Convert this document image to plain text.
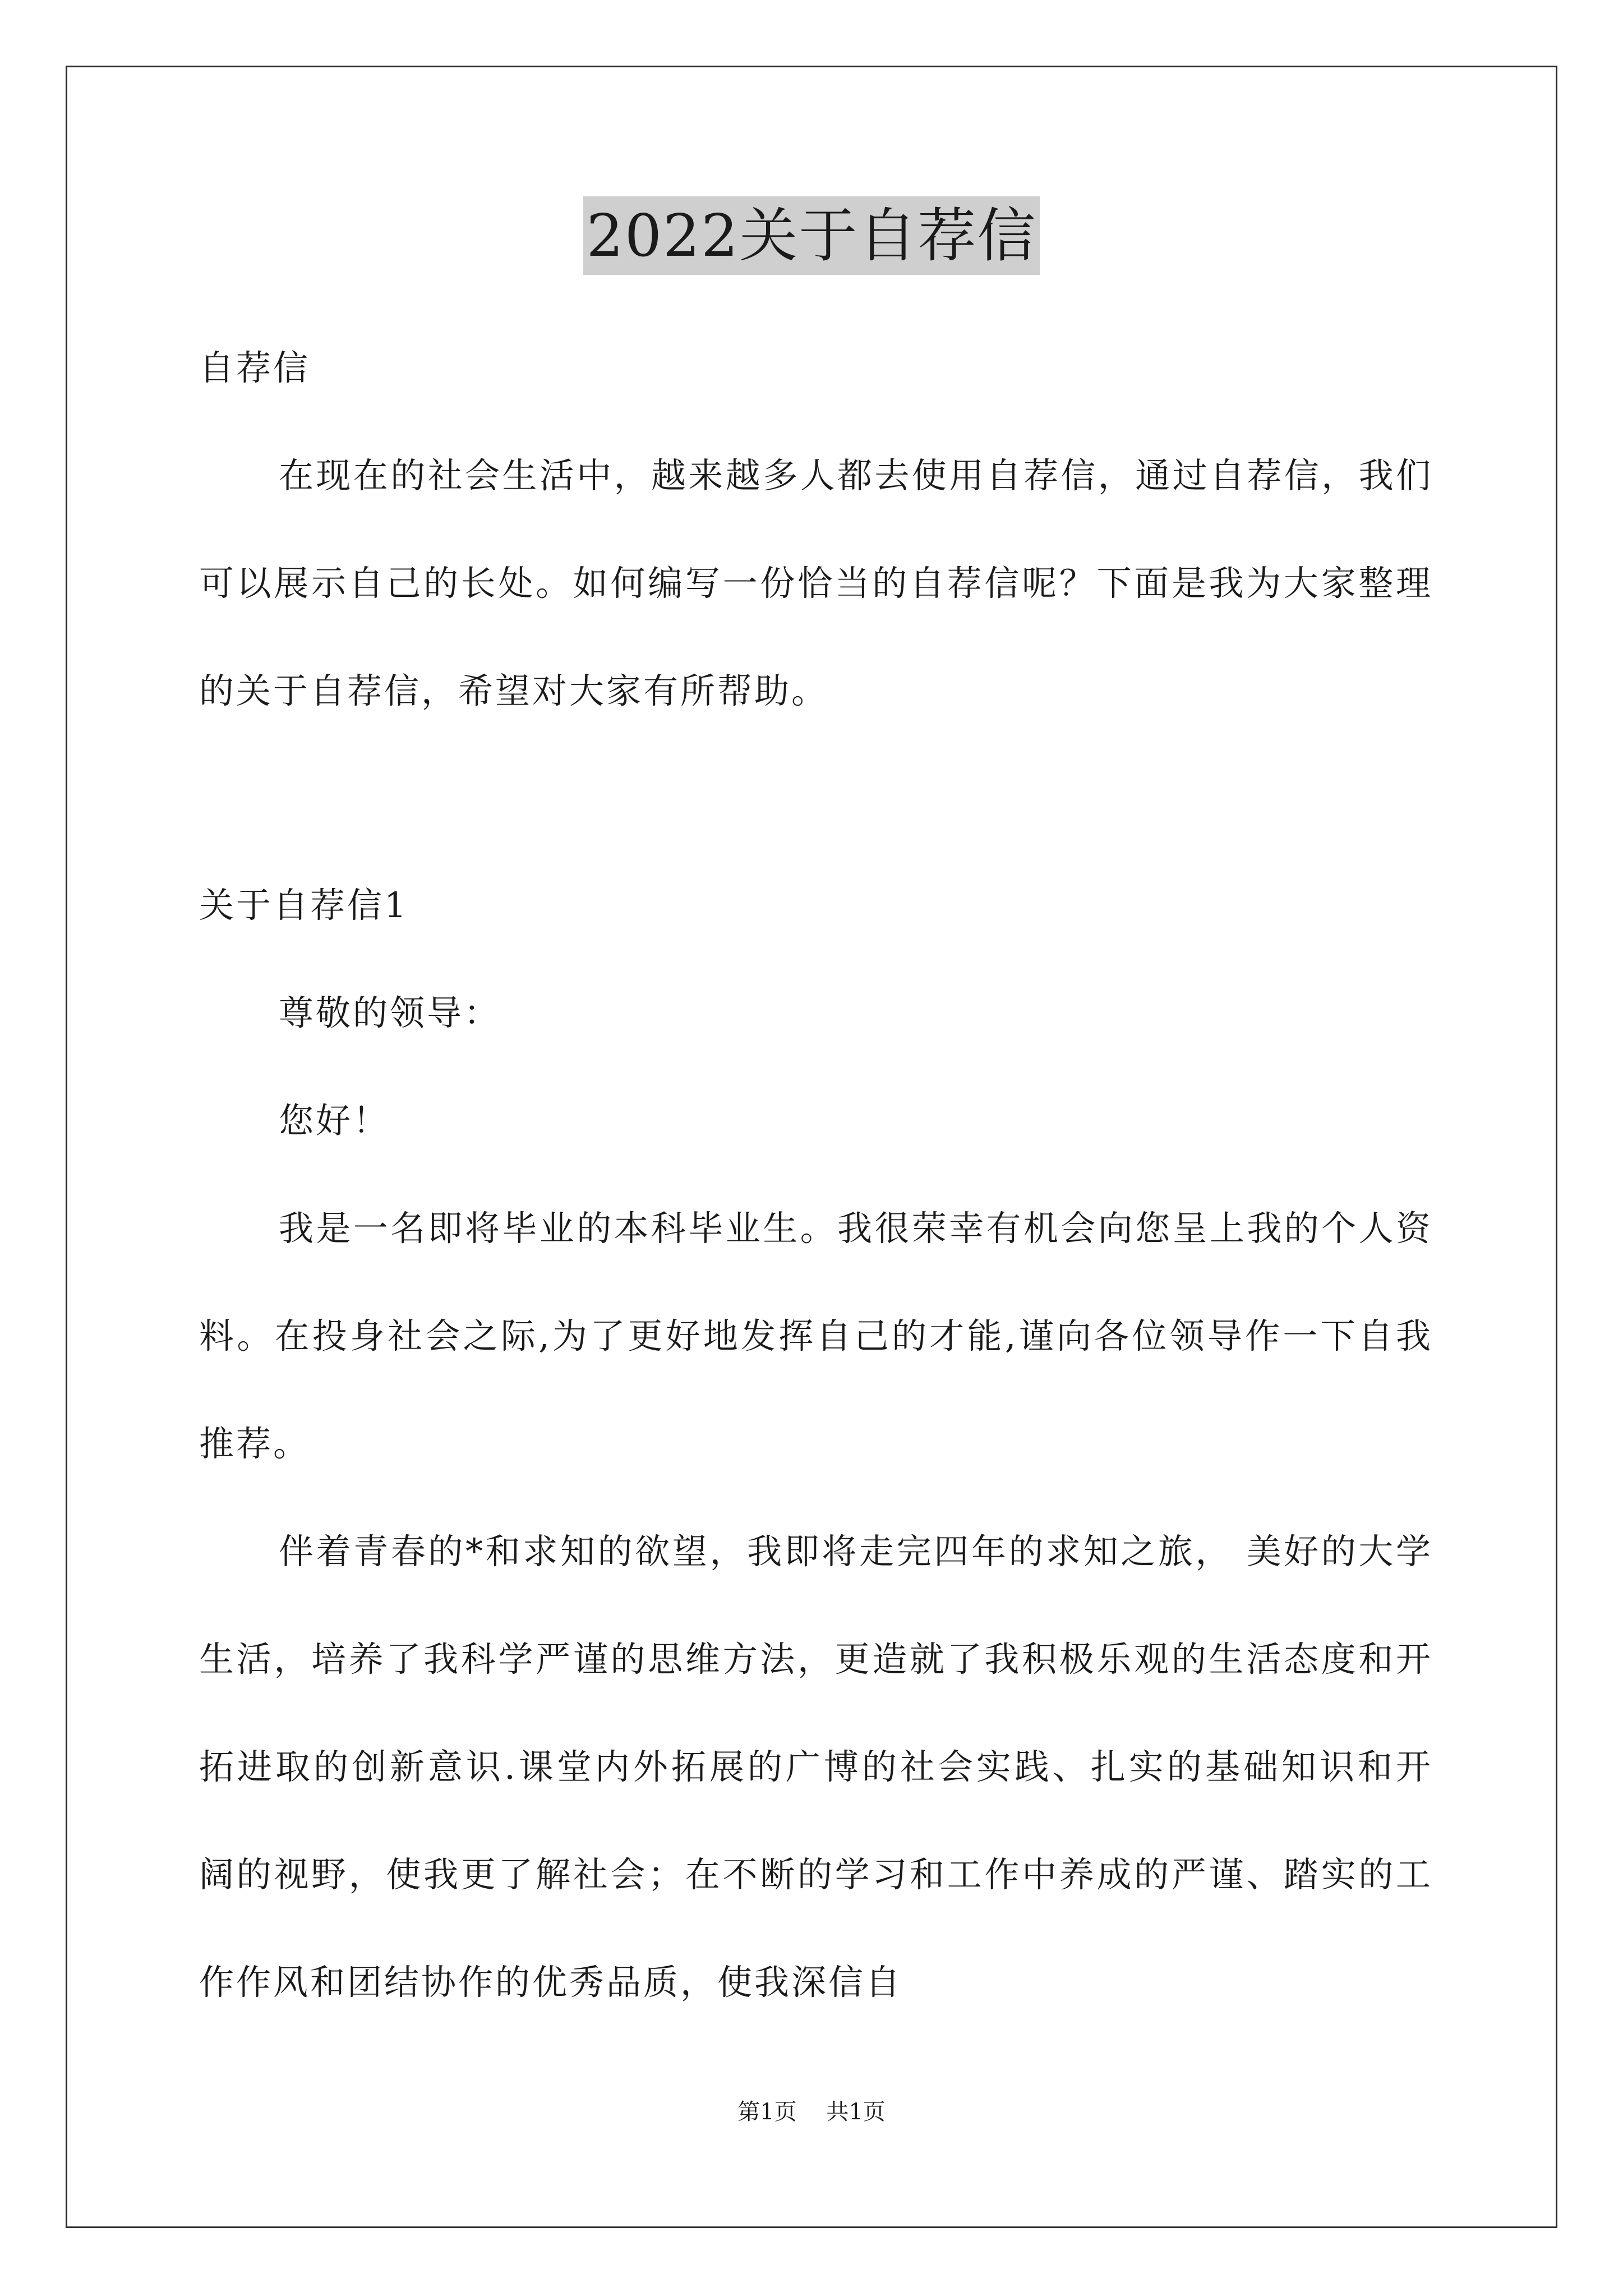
2022关于自荐信

自荐信

在现在的社会生活中，越来越多人都去使用自荐信，通过自荐信，我们可以展示自己的长处。如何编写一份恰当的自荐信呢？下面是我为大家整理的关于自荐信，希望对大家有所帮助。

关于自荐信1

尊敬的领导：

您好！

我是一名即将毕业的本科毕业生。我很荣幸有机会向您呈上我的个人资料。在投身社会之际,为了更好地发挥自己的才能,谨向各位领导作一下自我推荐。

伴着青春的*和求知的欲望，我即将走完四年的求知之旅， 美好的大学生活，培养了我科学严谨的思维方法，更造就了我积极乐观的生活态度和开拓进取的创新意识.课堂内外拓展的广博的社会实践、扎实的基础知识和开阔的视野，使我更了解社会；在不断的学习和工作中养成的严谨、踏实的工作作风和团结协作的优秀品质，使我深信自

第1页 共1页
